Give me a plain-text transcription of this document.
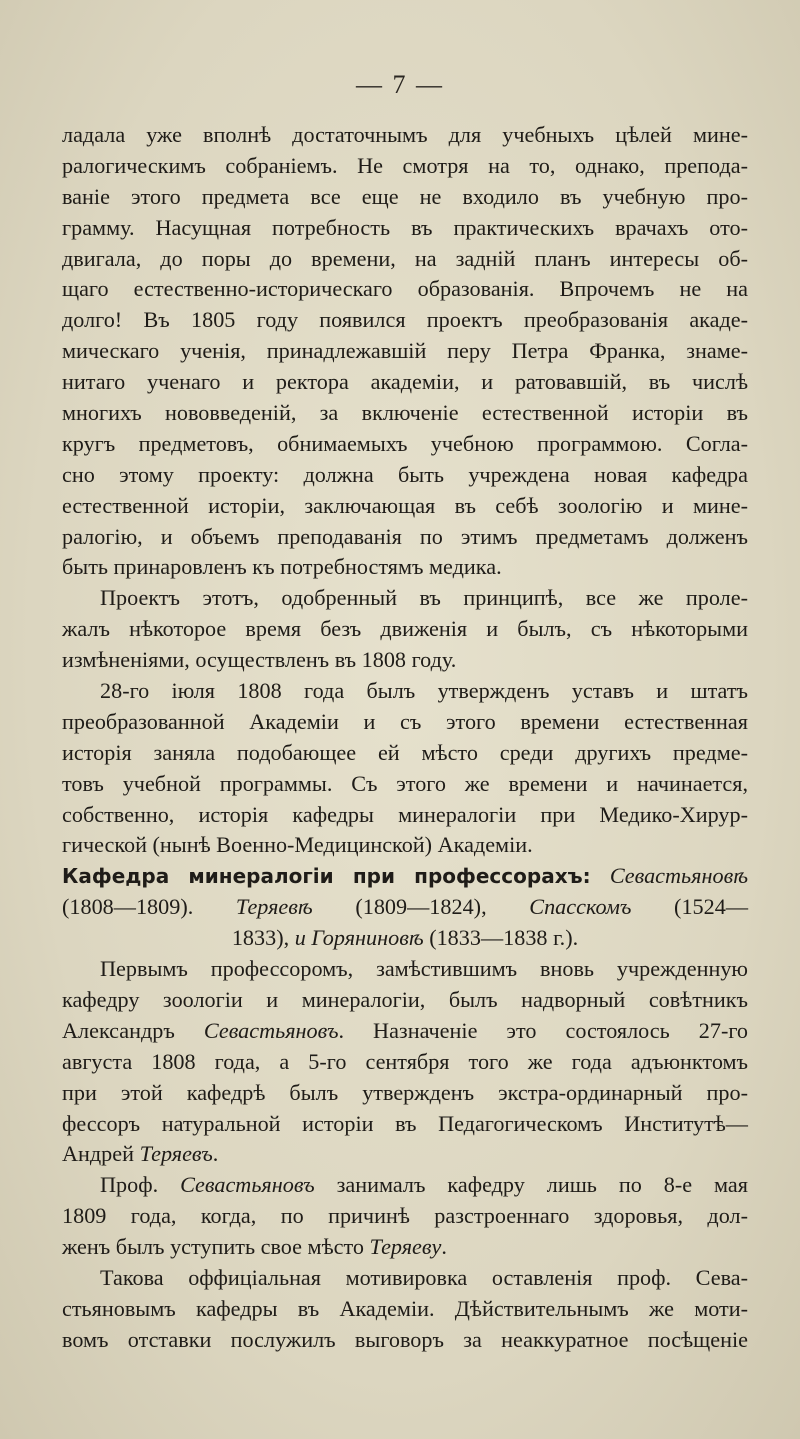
— 7 —
ладала уже вполнѣ достаточнымъ для учебныхъ цѣлей мине-
ралогическимъ собраніемъ. Не смотря на то, однако, препода-
ваніе этого предмета все еще не входило въ учебную про-
грамму. Насущная потребность въ практическихъ врачахъ ото-
двигала, до поры до времени, на задній планъ интересы об-
щаго естественно-историческаго образованія. Впрочемъ не на
долго! Въ 1805 году появился проектъ преобразованія акаде-
мическаго ученія, принадлежавшій перу Петра Франка, знаме-
нитаго ученаго и ректора академіи, и ратовавшій, въ числѣ
многихъ нововведеній, за включеніе естественной исторіи въ
кругъ предметовъ, обнимаемыхъ учебною программою. Согла-
сно этому проекту: должна быть учреждена новая кафедра
естественной исторіи, заключающая въ себѣ зоологію и мине-
ралогію, и объемъ преподаванія по этимъ предметамъ долженъ
быть принаровленъ къ потребностямъ медика.
Проектъ этотъ, одобренный въ принципѣ, все же проле-
жалъ нѣкоторое время безъ движенія и былъ, съ нѣкоторыми
измѣненіями, осуществленъ въ 1808 году.
28-го іюля 1808 года былъ утвержденъ уставъ и штатъ
преобразованной Академіи и съ этого времени естественная
исторія заняла подобающее ей мѣсто среди другихъ предме-
товъ учебной программы. Съ этого же времени и начинается,
собственно, исторія кафедры минералогіи при Медико-Хирур-
гической (нынѣ Военно-Медицинской) Академіи.
Кафедра минералогіи при профессорахъ: Севастьяновѣ
(1808—1809). Теряевѣ (1809—1824), Спасскомъ (1524—
1833), и Горяниновѣ (1833—1838 г.).
Первымъ профессоромъ, замѣстившимъ вновь учрежденную
кафедру зоологіи и минералогіи, былъ надворный совѣтникъ
Александръ Севастьяновъ. Назначеніе это состоялось 27-го
августа 1808 года, а 5-го сентября того же года адъюнктомъ
при этой кафедрѣ былъ утвержденъ экстра-ординарный про-
фессоръ натуральной исторіи въ Педагогическомъ Институтѣ—
Андрей Теряевъ.
Проф. Севастьяновъ занималъ кафедру лишь по 8-е мая
1809 года, когда, по причинѣ разстроеннаго здоровья, дол-
женъ былъ уступить свое мѣсто Теряеву.
Такова оффиціальная мотивировка оставленія проф. Сева-
стьяновымъ кафедры въ Академіи. Дѣйствительнымъ же моти-
вомъ отставки послужилъ выговоръ за неаккуратное посѣщеніе
